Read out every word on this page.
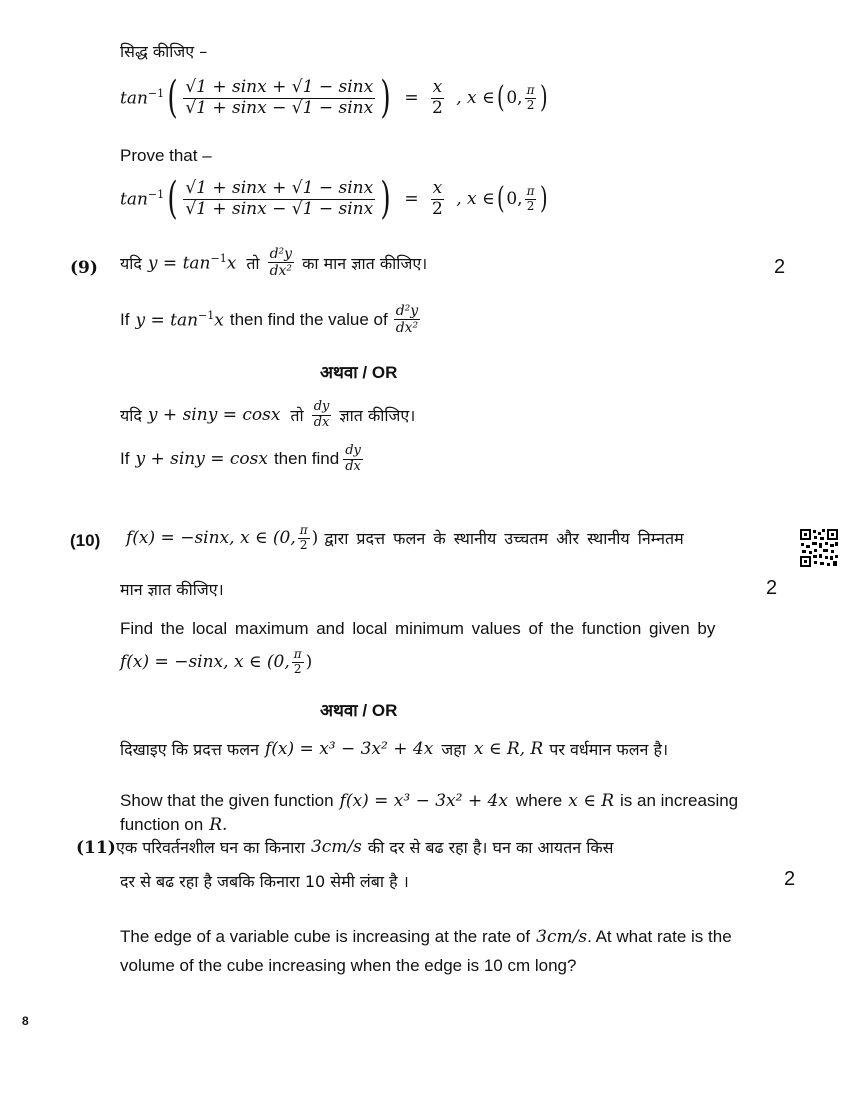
सिद्ध कीजिए –
$\tan^{-1}$ ( $\frac{√1 + \sin x + √1 - \sin x}{√1 + \sin x - √1 - \sin x}$ ) = $\frac{x}{2}$ , x ∈ ( 0, $\frac{\pi}{2}$ )
Prove that –
$\tan^{-1}$ ( $\frac{√1 + \sin x + √1 - \sin x}{√1 + \sin x - √1 - \sin x}$ ) = $\frac{x}{2}$ , x ∈ ( 0, $\frac{\pi}{2}$ )
(9) यदि $y = \tan^{-1}x$ तो $\frac{\text{d²y}}{\text{dx²}}$ का मान ज्ञात कीजिए।	2
If $y = \tan^{-1}x$ then find the value of $\frac{\text{d²y}}{\text{dx²}}$
अथवा / OR
यदि y + siny = cosx तो $\frac{dy}{dx}$ ज्ञात कीजिए।
If y + siny = cosx then find $\frac{dy}{dx}$
(10) f(x) = −sinx, x ∈ (0, $\frac{\pi}{2}$ ) द्वारा प्रदत्त फलन के स्थानीय उच्चतम और स्थानीय निम्नतम
मान ज्ञात कीजिए।	2
Find the local maximum and local minimum values of the function given by
f(x) = −sinx, x ∈ (0, $\frac{\pi}{2}$ )
अथवा / OR
दिखाइए कि प्रदत्त फलन f(x) = x³ − 3x² + 4x जहा x ∈ R, R पर वर्धमान फलन है।
Show that the given function f(x) = x³ − 3x² + 4x where x ∈ R is an increasing
function on R.
(11) एक परिवर्तनशील घन का किनारा 3cm/s की दर से बढ रहा है। घन का आयतन किस
दर से बढ रहा है जबकि किनारा 10 सेमी लंबा है ।	2
The edge of a variable cube is increasing at the rate of 3cm/s . At what rate is the
volume of the cube increasing when the edge is 10 cm long?
8
